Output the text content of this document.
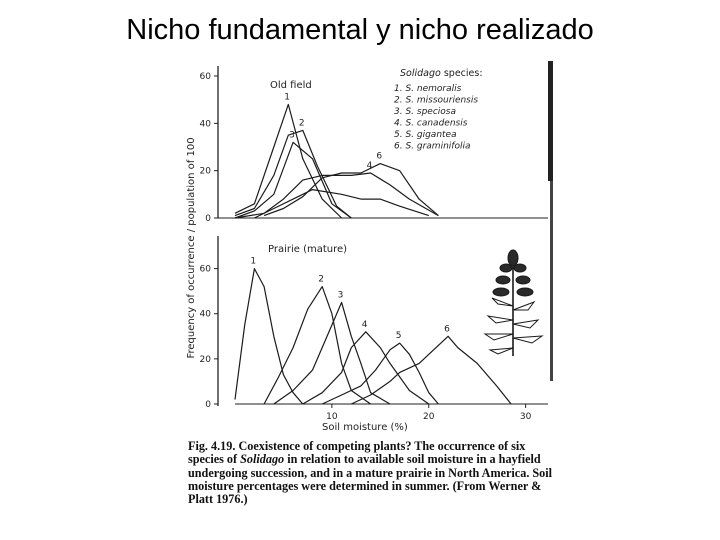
Nicho fundamental y nicho realizado
Frequency of occurrence / population of 100
Old field
0
20
40
60
1
2
3
4
6
Solidago species:
1. S. nemoralis
2. S. missouriensis
3. S. speciosa
4. S. canadensis
5. S. gigantea
6. S. graminifolia
Prairie (mature)
0
20
40
60
10	20	30
1
2
3
4
5
6
Soil moisture (%)
Fig. 4.19. Coexistence of competing plants? The occurrence of six species of Solidago in relation to available soil moisture in a hayfield undergoing succession, and in a mature prairie in North America. Soil moisture percentages were determined in summer. (From Werner & Platt 1976.)
